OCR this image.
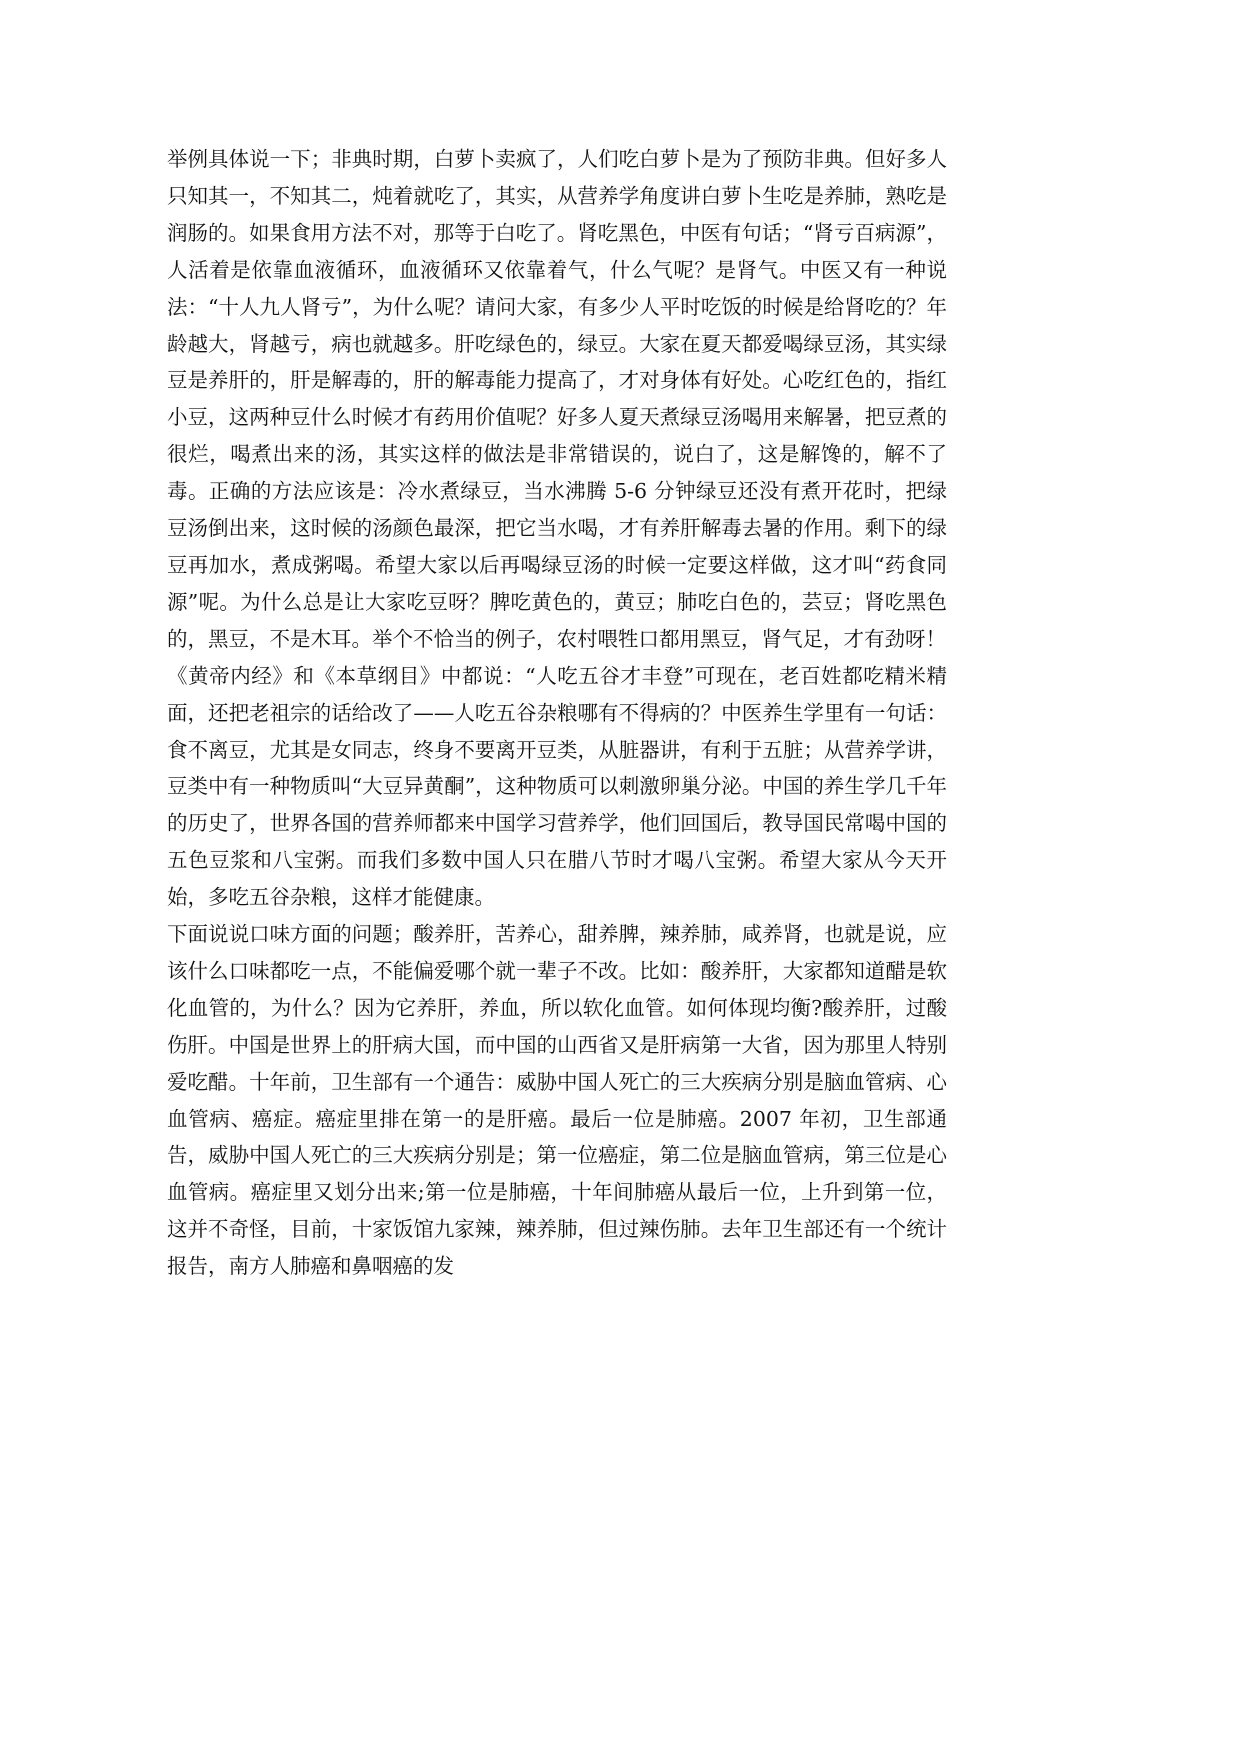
举例具体说一下；非典时期，白萝卜卖疯了，人们吃白萝卜是为了预防非典。但好多人只知其一，不知其二，炖着就吃了，其实，从营养学角度讲白萝卜生吃是养肺，熟吃是润肠的。如果食用方法不对，那等于白吃了。肾吃黑色，中医有句话；“肾亏百病源”，人活着是依靠血液循环，血液循环又依靠着气，什么气呢？是肾气。中医又有一种说法：“十人九人肾亏”，为什么呢？请问大家，有多少人平时吃饭的时候是给肾吃的？年龄越大，肾越亏，病也就越多。肝吃绿色的，绿豆。大家在夏天都爱喝绿豆汤，其实绿豆是养肝的，肝是解毒的，肝的解毒能力提高了，才对身体有好处。心吃红色的，指红小豆，这两种豆什么时候才有药用价值呢？好多人夏天煮绿豆汤喝用来解暑，把豆煮的很烂，喝煮出来的汤，其实这样的做法是非常错误的，说白了，这是解馋的，解不了毒。正确的方法应该是：冷水煮绿豆，当水沸腾 5-6 分钟绿豆还没有煮开花时，把绿豆汤倒出来，这时候的汤颜色最深，把它当水喝，才有养肝解毒去暑的作用。剩下的绿豆再加水，煮成粥喝。希望大家以后再喝绿豆汤的时候一定要这样做，这才叫“药食同源”呢。为什么总是让大家吃豆呀？脾吃黄色的，黄豆；肺吃白色的，芸豆；肾吃黑色的，黑豆，不是木耳。举个不恰当的例子，农村喂牲口都用黑豆，肾气足，才有劲呀！

《黄帝内经》和《本草纲目》中都说：“人吃五谷才丰登”可现在，老百姓都吃精米精面，还把老祖宗的话给改了——人吃五谷杂粮哪有不得病的？中医养生学里有一句话：食不离豆，尤其是女同志，终身不要离开豆类，从脏器讲，有利于五脏；从营养学讲，豆类中有一种物质叫“大豆异黄酮”，这种物质可以刺激卵巢分泌。中国的养生学几千年的历史了，世界各国的营养师都来中国学习营养学，他们回国后，教导国民常喝中国的五色豆浆和八宝粥。而我们多数中国人只在腊八节时才喝八宝粥。希望大家从今天开始，多吃五谷杂粮，这样才能健康。

下面说说口味方面的问题；酸养肝，苦养心，甜养脾，辣养肺，咸养肾，也就是说，应该什么口味都吃一点，不能偏爱哪个就一辈子不改。比如：酸养肝，大家都知道醋是软化血管的，为什么？因为它养肝，养血，所以软化血管。如何体现均衡?酸养肝，过酸伤肝。中国是世界上的肝病大国，而中国的山西省又是肝病第一大省，因为那里人特别爱吃醋。十年前，卫生部有一个通告：威胁中国人死亡的三大疾病分别是脑血管病、心血管病、癌症。癌症里排在第一的是肝癌。最后一位是肺癌。2007 年初，卫生部通告，威胁中国人死亡的三大疾病分别是；第一位癌症，第二位是脑血管病，第三位是心血管病。癌症里又划分出来;第一位是肺癌，十年间肺癌从最后一位，上升到第一位，这并不奇怪，目前，十家饭馆九家辣，辣养肺，但过辣伤肺。去年卫生部还有一个统计报告，南方人肺癌和鼻咽癌的发
